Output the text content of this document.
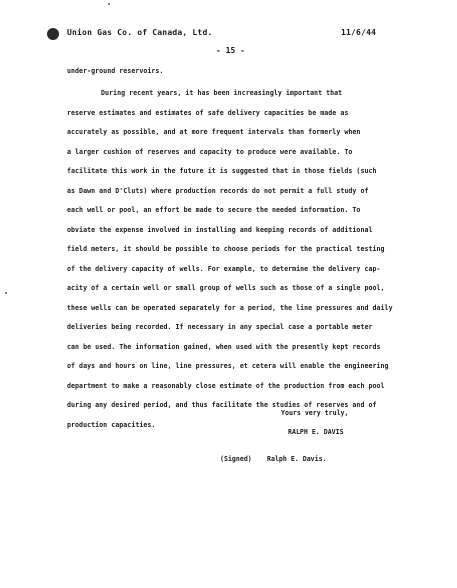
Union Gas Co. of Canada, Ltd.	11/6/44
- 15 -
under-ground reservoirs.
During recent years, it has been increasingly important that
reserve estimates and estimates of safe delivery capacities be made as
accurately as possible, and at more frequent intervals than formerly when
a larger cushion of reserves and capacity to produce were available. To
facilitate this work in the future it is suggested that in those fields (such
as Dawn and D'Cluts) where production records do not permit a full study of
each well or pool, an effort be made to secure the needed information. To
obviate the expense involved in installing and keeping records of additional
field meters, it should be possible to choose periods for the practical testing
of the delivery capacity of wells. For example, to determine the delivery cap-
acity of a certain well or small group of wells such as those of a single pool,
these wells can be operated separately for a period, the line pressures and daily
deliveries being recorded. If necessary in any special case a portable meter
can be used. The information gained, when used with the presently kept records
of days and hours on line, line pressures, et cetera will enable the engineering
department to make a reasonably close estimate of the production from each pool
during any desired period, and thus facilitate the studies of reserves and of
production capacities.
Yours very truly,
RALPH E. DAVIS
(Signed) Ralph E. Davis.
